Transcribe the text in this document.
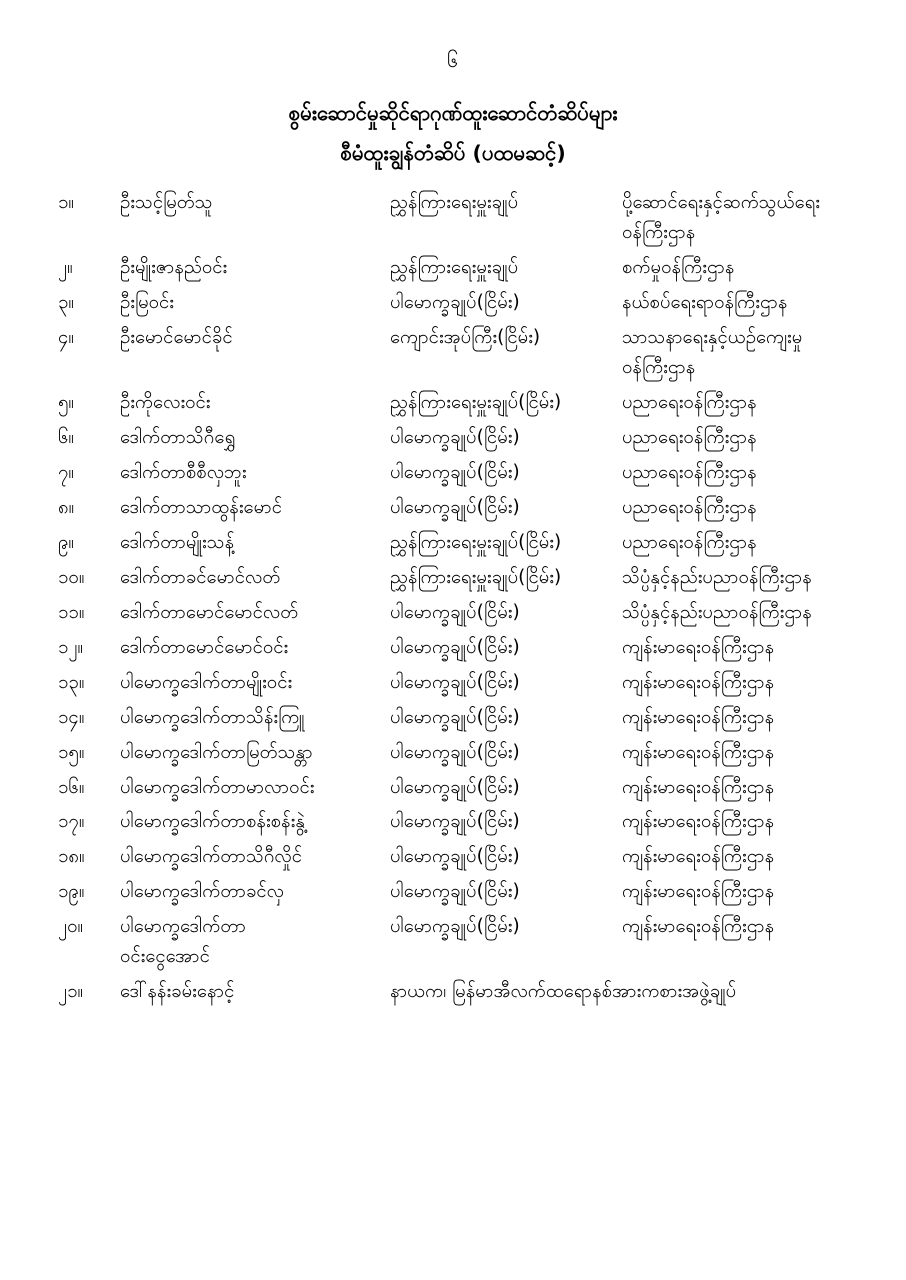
၆
စွမ်းဆောင်မှုဆိုင်ရာဂုဏ်ထူးဆောင်တံဆိပ်များ
စီမံထူးချွန်တံဆိပ် (ပထမဆင့်)
၁။	ဦးသင့်မြတ်သူ	ညွှန်ကြားရေးမှူးချုပ်	ပို့ဆောင်ရေးနှင့်ဆက်သွယ်ရေး
ဝန်ကြီးဌာန
၂။	ဦးမျိုးဇာနည်ဝင်း	ညွှန်ကြားရေးမှူးချုပ်	စက်မှုဝန်ကြီးဌာန
၃။	ဦးမြဝင်း	ပါမောက္ခချုပ်(ငြိမ်း)	နယ်စပ်ရေးရာဝန်ကြီးဌာန
၄။	ဦးမောင်မောင်ခိုင်	ကျောင်းအုပ်ကြီး(ငြိမ်း)	သာသနာရေးနှင့်ယဉ်ကျေးမှု
ဝန်ကြီးဌာန
၅။	ဦးကိုလေးဝင်း	ညွှန်ကြားရေးမှူးချုပ်(ငြိမ်း)	ပညာရေးဝန်ကြီးဌာန
၆။	ဒေါက်တာသိဂီရွှေ	ပါမောက္ခချုပ်(ငြိမ်း)	ပညာရေးဝန်ကြီးဌာန
၇။	ဒေါက်တာစီစီလှဘူး	ပါမောက္ခချုပ်(ငြိမ်း)	ပညာရေးဝန်ကြီးဌာန
၈။	ဒေါက်တာသာထွန်းမောင်	ပါမောက္ခချုပ်(ငြိမ်း)	ပညာရေးဝန်ကြီးဌာန
၉။	ဒေါက်တာမျိုးသန့်	ညွှန်ကြားရေးမှူးချုပ်(ငြိမ်း)	ပညာရေးဝန်ကြီးဌာန
၁၀။	ဒေါက်တာခင်မောင်လတ်	ညွှန်ကြားရေးမှူးချုပ်(ငြိမ်း)	သိပ္ပံနှင့်နည်းပညာဝန်ကြီးဌာန
၁၁။	ဒေါက်တာမောင်မောင်လတ်	ပါမောက္ခချုပ်(ငြိမ်း)	သိပ္ပံနှင့်နည်းပညာဝန်ကြီးဌာန
၁၂။	ဒေါက်တာမောင်မောင်ဝင်း	ပါမောက္ခချုပ်(ငြိမ်း)	ကျန်းမာရေးဝန်ကြီးဌာန
၁၃။	ပါမောက္ခဒေါက်တာမျိုးဝင်း	ပါမောက္ခချုပ်(ငြိမ်း)	ကျန်းမာရေးဝန်ကြီးဌာန
၁၄။	ပါမောက္ခဒေါက်တာသိန်းကြူ	ပါမောက္ခချုပ်(ငြိမ်း)	ကျန်းမာရေးဝန်ကြီးဌာန
၁၅။	ပါမောက္ခဒေါက်တာမြတ်သန္တာ	ပါမောက္ခချုပ်(ငြိမ်း)	ကျန်းမာရေးဝန်ကြီးဌာန
၁၆။	ပါမောက္ခဒေါက်တာမာလာဝင်း	ပါမောက္ခချုပ်(ငြိမ်း)	ကျန်းမာရေးဝန်ကြီးဌာန
၁၇။	ပါမောက္ခဒေါက်တာစန်းစန်းနွဲ့	ပါမောက္ခချုပ်(ငြိမ်း)	ကျန်းမာရေးဝန်ကြီးဌာန
၁၈။	ပါမောက္ခဒေါက်တာသိဂီလှိုင်	ပါမောက္ခချုပ်(ငြိမ်း)	ကျန်းမာရေးဝန်ကြီးဌာန
၁၉။	ပါမောက္ခဒေါက်တာခင်လှ	ပါမောက္ခချုပ်(ငြိမ်း)	ကျန်းမာရေးဝန်ကြီးဌာန
၂၀။	ပါမောက္ခဒေါက်တာ
ဝင်းငွေအောင်	ပါမောက္ခချုပ်(ငြိမ်း)	ကျန်းမာရေးဝန်ကြီးဌာန
၂၁။	ဒေါ်နန်းခမ်းနောင့်	နာယက၊ မြန်မာအီလက်ထရောနစ်အားကစားအဖွဲ့ချုပ်	
